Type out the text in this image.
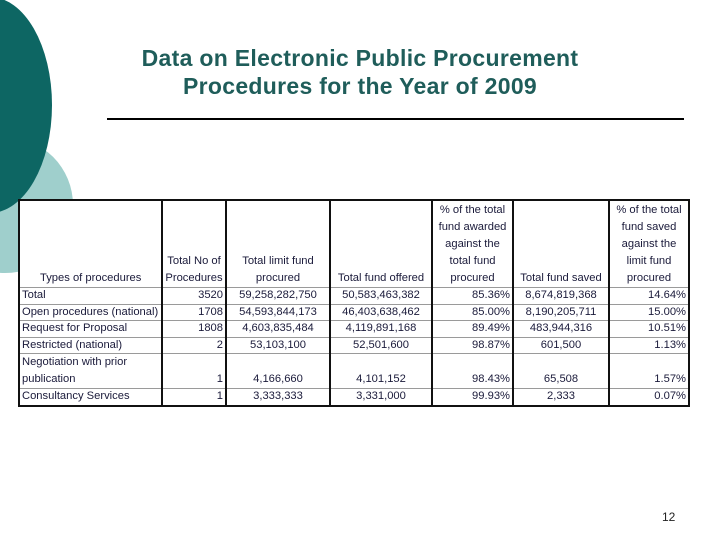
Data on Electronic Public Procurement
Procedures for the Year of 2009
Types of procedures	Total No of Procedures	Total limit fund procured	Total fund offered	% of the total fund awarded against the total fund procured	Total fund saved	% of the total fund saved against the limit fund procured
Total	3520	59,258,282,750	50,583,463,382	85.36%	8,674,819,368	14.64%
Open procedures (national)	1708	54,593,844,173	46,403,638,462	85.00%	8,190,205,711	15.00%
Request for Proposal	1808	4,603,835,484	4,119,891,168	89.49%	483,944,316	10.51%
Restricted (national)	2	53,103,100	52,501,600	98.87%	601,500	1.13%

Negotiation with prior
publication	1	4,166,660	4,101,152	98.43%	65,508	1.57%
Consultancy Services	1	3,333,333	3,331,000	99.93%	2,333	0.07%
12
